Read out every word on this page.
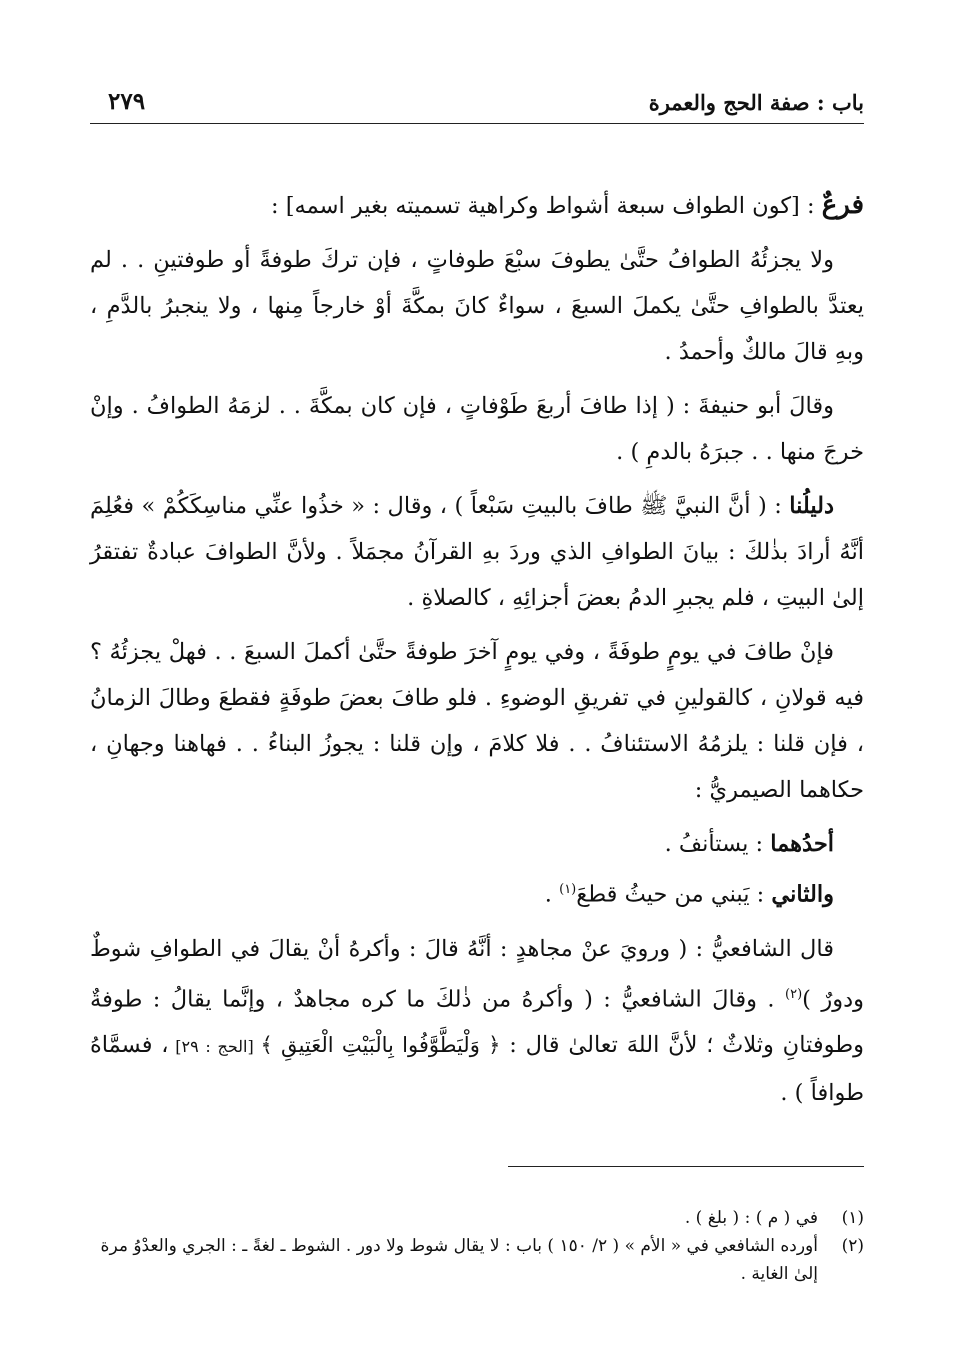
باب : صفة الحج والعمرة
٢٧٩

فرعٌ : [كون الطواف سبعة أشواط وكراهية تسميته بغير اسمه] :

ولا يجزئُهُ الطوافُ حتَّىٰ يطوفَ سبْعَ طوفاتٍ ، فإن تركَ طوفةً أو طوفتينِ . . لم يعتدَّ بالطوافِ حتَّىٰ يكملَ السبعَ ، سواءٌ كانَ بمكَّةَ أوْ خارجاً مِنها ، ولا ينجبرُ بالدَّمِ ، وبهِ قالَ مالكٌ وأحمدُ .

وقالَ أبو حنيفةَ : ( إذا طافَ أربعَ طَوْفاتٍ ، فإن كان بمكَّةَ . . لزمَهُ الطوافُ . وإنْ خرجَ منها . . جبرَهُ بالدمِ ) .

دليلُنا : ( أنَّ النبيَّ ﷺ طافَ بالبيتِ سَبْعاً ) ، وقال : « خذُوا عنِّي مناسِكَكُمْ » فعُلِمَ أنَّهُ أرادَ بذٰلكَ : بيانَ الطوافِ الذي وردَ بهِ القرآنُ مجمَلاً . ولأنَّ الطوافَ عبادةٌ تفتقرُ إلىٰ البيتِ ، فلم يجبرِ الدمُ بعضَ أجزائِهِ ، كالصلاةِ .

فإنْ طافَ في يومٍ طوفَةً ، وفي يومٍ آخرَ طوفةً حتَّىٰ أكملَ السبعَ . . فهلْ يجزئُهُ ؟ فيه قولانِ ، كالقولينِ في تفريقِ الوضوءِ . فلو طافَ بعضَ طوفَةٍ فقطعَ وطالَ الزمانُ ، فإن قلنا : يلزمُهُ الاستئنافُ . . فلا كلامَ ، وإن قلنا : يجوزُ البناءُ . . فهاهنا وجهانِ ، حكاهما الصيمريُّ :

أحدُهما : يستأنفُ .

والثاني : يَبني من حيثُ قطعَ$^{(١)}$ .

قال الشافعيُّ : ( ورويَ عنْ مجاهدٍ : أنَّهُ قالَ : وأكرهُ أنْ يقالَ في الطوافِ شوطٌ ودورٌ )$^{(٢)}$ . وقالَ الشافعيُّ : ( وأكرهُ من ذٰلكَ ما كره مجاهدٌ ، وإنَّما يقالُ : طوفةٌ وطوفتانِ وثلاثٌ ؛ لأنَّ اللهَ تعالىٰ قال : ﴿ وَلْيَطَّوَّفُوا بِالْبَيْتِ الْعَتِيقِ ﴾ [الحج : ٢٩] ، فسمَّاهُ طوافاً ) .

(١)
في ( م ) : ( بلغ ) .
(٢)
أورده الشافعي في « الأم » ( ٢/ ١٥٠ ) باب : لا يقال شوط ولا دور . الشوط ـ لغةً ـ : الجري والعدْوُ مرة إلىٰ الغاية .
